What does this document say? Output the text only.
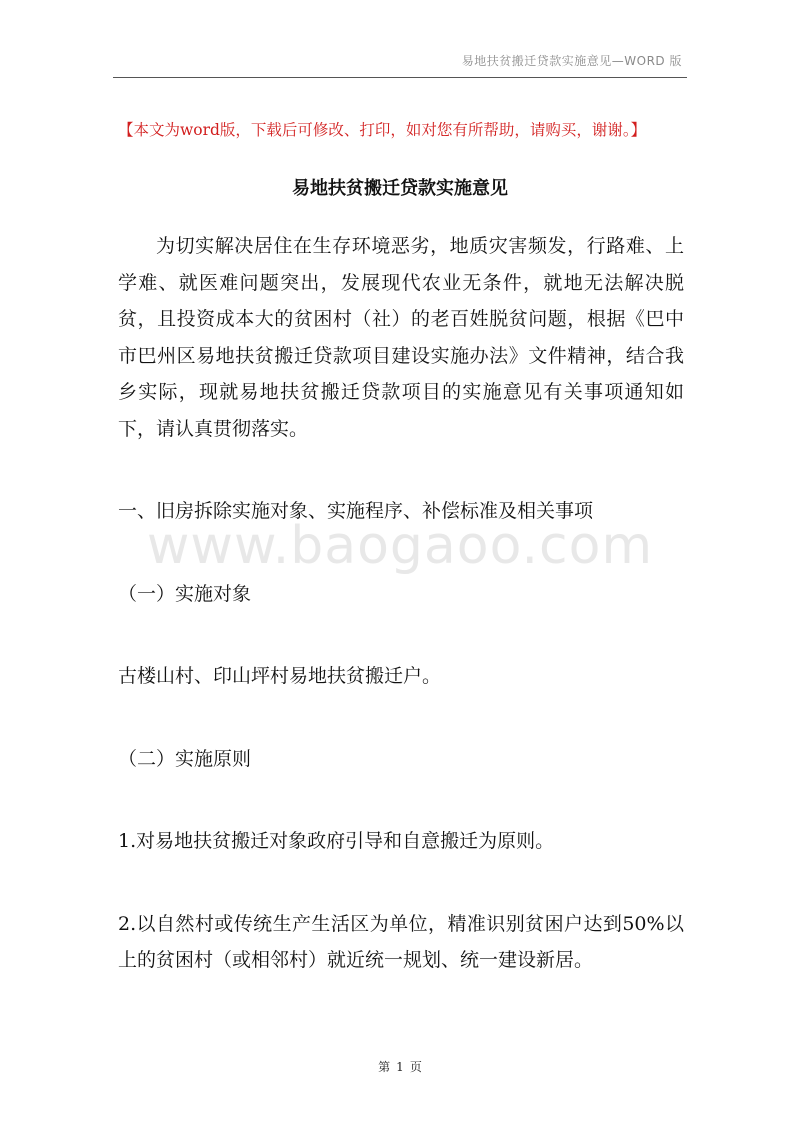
易地扶贫搬迁贷款实施意见—WORD 版
【本文为word版，下载后可修改、打印，如对您有所帮助，请购买，谢谢。】
易地扶贫搬迁贷款实施意见
www.baogaoo.com

为切实解决居住在生存环境恶劣，地质灾害频发，行路难、上学难、就医难问题突出，发展现代农业无条件，就地无法解决脱贫，且投资成本大的贫困村（社）的老百姓脱贫问题，根据《巴中市巴州区易地扶贫搬迁贷款项目建设实施办法》文件精神，结合我乡实际，现就易地扶贫搬迁贷款项目的实施意见有关事项通知如下，请认真贯彻落实。

一、旧房拆除实施对象、实施程序、补偿标准及相关事项

（一）实施对象

古楼山村、印山坪村易地扶贫搬迁户。

（二）实施原则

1.对易地扶贫搬迁对象政府引导和自意搬迁为原则。

2.以自然村或传统生产生活区为单位，精准识别贫困户达到50%以上的贫困村（或相邻村）就近统一规划、统一建设新居。

第 1 页
